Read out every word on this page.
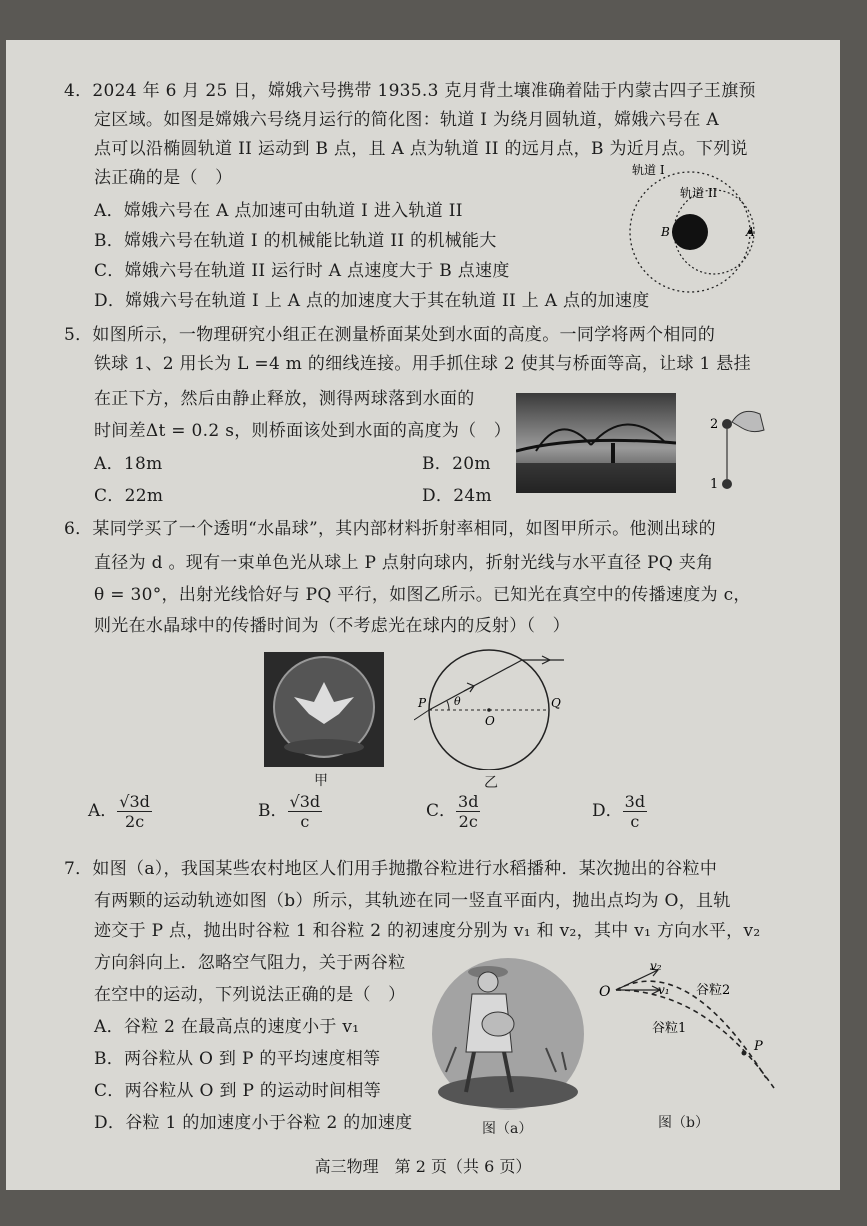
4．2024 年 6 月 25 日，嫦娥六号携带 1935.3 克月背土壤准确着陆于内蒙古四子王旗预
定区域。如图是嫦娥六号绕月运行的简化图：轨道 I 为绕月圆轨道，嫦娥六号在 A
点可以沿椭圆轨道 II 运动到 B 点，且 A 点为轨道 II 的远月点，B 为近月点。下列说
法正确的是（　）
A．嫦娥六号在 A 点加速可由轨道 I 进入轨道 II
B．嫦娥六号在轨道 I 的机械能比轨道 II 的机械能大
C．嫦娥六号在轨道 II 运行时 A 点速度大于 B 点速度
D．嫦娥六号在轨道 I 上 A 点的加速度大于其在轨道 II 上 A 点的加速度
轨道 I
轨道 II
B	A
5．如图所示，一物理研究小组正在测量桥面某处到水面的高度。一同学将两个相同的
铁球 1、2 用长为 L =4 m 的细线连接。用手抓住球 2 使其与桥面等高，让球 1 悬挂
在正下方，然后由静止释放，测得两球落到水面的
时间差Δt = 0.2 s，则桥面该处到水面的高度为（　）
A．18m	B．20m
C．22m	D．24m
2
1
6．某同学买了一个透明“水晶球”，其内部材料折射率相同，如图甲所示。他测出球的
直径为 d 。现有一束单色光从球上 P 点射向球内，折射光线与水平直径 PQ 夹角
θ = 30°，出射光线恰好与 PQ 平行，如图乙所示。已知光在真空中的传播速度为 c，
则光在水晶球中的传播时间为（不考虑光在球内的反射）（　）
甲
P	Q
O
θ
乙
A． $\frac{√3d}{2c}$	B． $\frac{√3d}{c}$	C． $\frac{3d}{2c}$	D． $\frac{3d}{c}$
7．如图（a），我国某些农村地区人们用手抛撒谷粒进行水稻播种．某次抛出的谷粒中
有两颗的运动轨迹如图（b）所示，其轨迹在同一竖直平面内，抛出点均为 O，且轨
迹交于 P 点，抛出时谷粒 1 和谷粒 2 的初速度分别为 v₁ 和 v₂，其中 v₁ 方向水平，v₂
方向斜向上．忽略空气阻力，关于两谷粒
在空中的运动，下列说法正确的是（　）
A．谷粒 2 在最高点的速度小于 v₁
B．两谷粒从 O 到 P 的平均速度相等
C．两谷粒从 O 到 P 的运动时间相等
D．谷粒 1 的加速度小于谷粒 2 的加速度	图（a）
O
v₂
v₁ 谷粒2
谷粒1
P
图（b）
高三物理　第 2 页（共 6 页）
